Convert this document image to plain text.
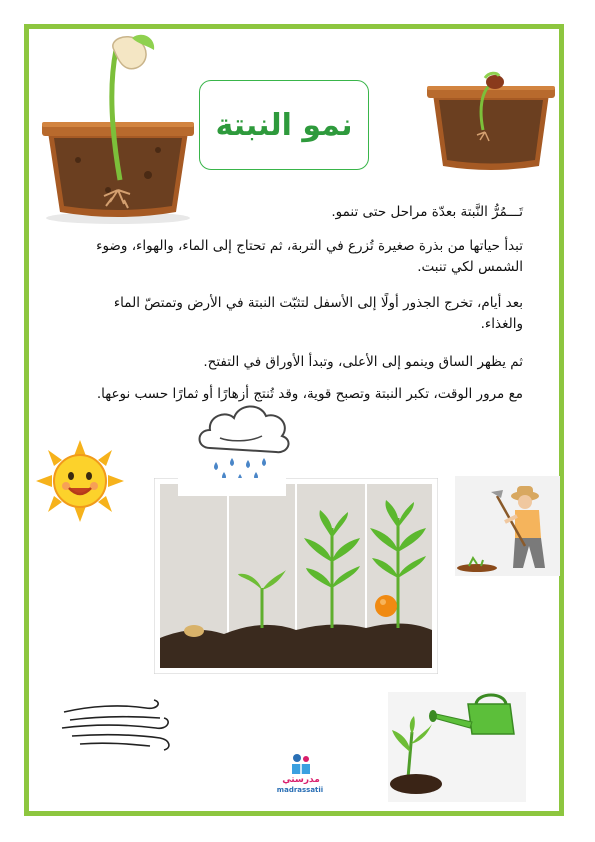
نمو النبتة
تَـــمُرُّ النَّبتة بعدّة مراحل حتى تنمو.
تبدأ حياتها من بذرة صغيرة تُزرع في التربة، ثم تحتاج إلى الماء، والهواء، وضوء الشمس لكي تنبت.
بعد أيام، تخرج الجذور أولًا إلى الأسفل لتثبّت النبتة في الأرض وتمتصّ الماء والغذاء.
ثم يظهر الساق وينمو إلى الأعلى، وتبدأ الأوراق في التفتح.
مع مرور الوقت، تكبر النبتة وتصبح قوية، وقد تُنتج أزهارًا أو ثمارًا حسب نوعها.
مدرستي
madrassatii
